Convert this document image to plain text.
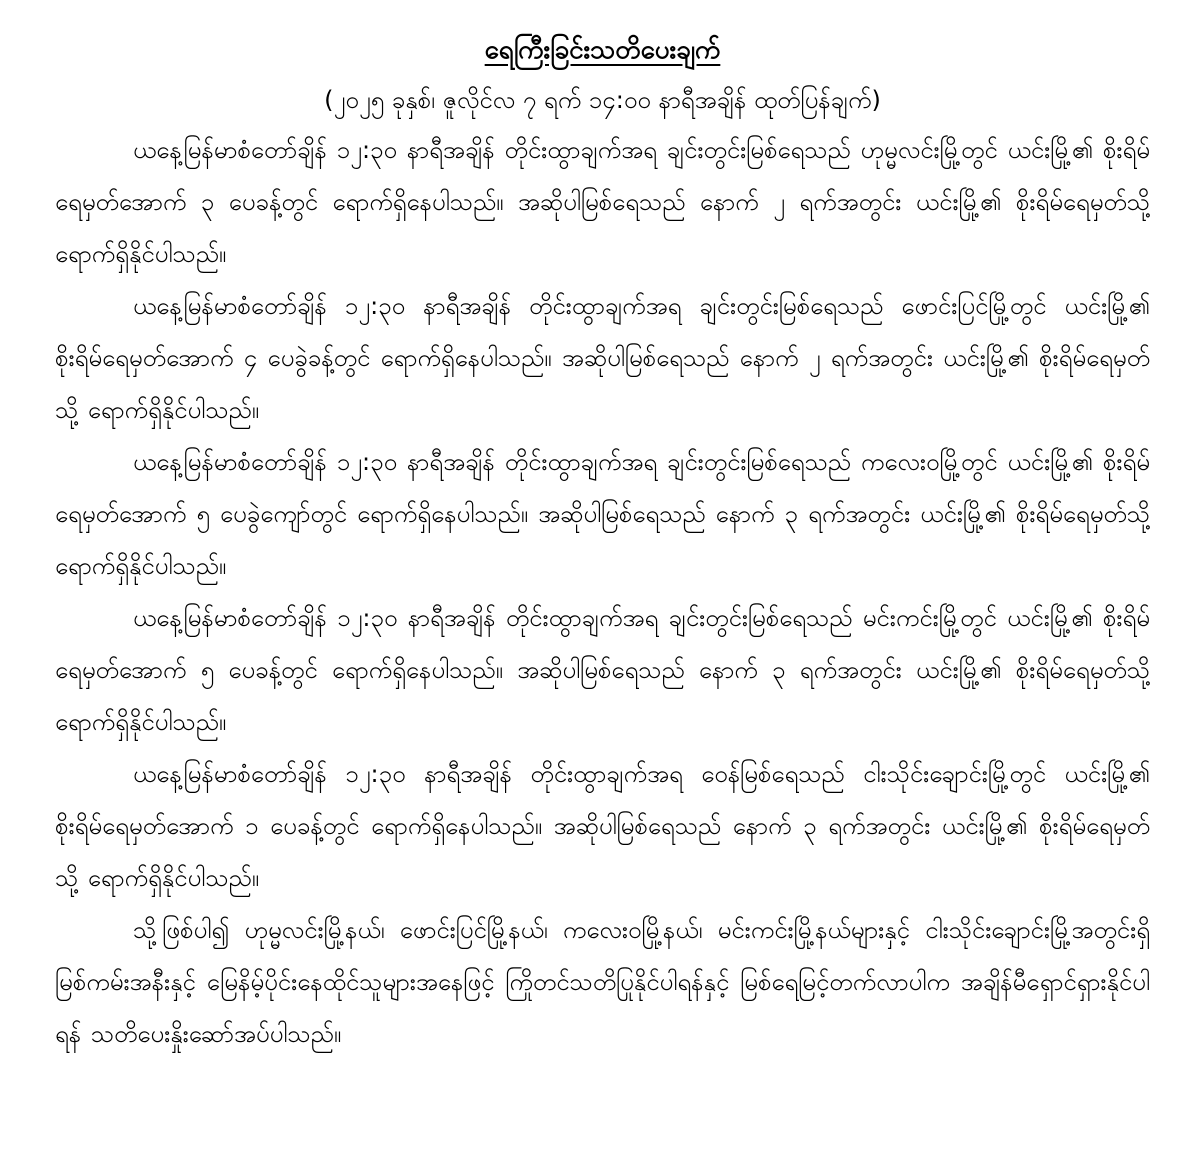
ရေကြီးခြင်းသတိပေးချက်

(၂၀၂၅ ခုနှစ်၊ ဇူလိုင်လ ၇ ရက် ၁၄:၀၀ နာရီအချိန် ထုတ်ပြန်ချက်)

ယနေ့မြန်မာစံတော်ချိန် ၁၂:၃၀ နာရီအချိန် တိုင်းထွာချက်အရ ချင်းတွင်းမြစ်ရေသည် ဟုမ္မလင်းမြို့တွင် ယင်းမြို့၏ စိုးရိမ်ရေမှတ်အောက် ၃ ပေခန့်တွင် ရောက်ရှိနေပါသည်။ အဆိုပါမြစ်ရေသည် နောက် ၂ ရက်အတွင်း ယင်းမြို့၏ စိုးရိမ်ရေမှတ်သို့ ရောက်ရှိနိုင်ပါသည်။

ယနေ့မြန်မာစံတော်ချိန် ၁၂:၃၀ နာရီအချိန် တိုင်းထွာချက်အရ ချင်းတွင်းမြစ်ရေသည် ဖောင်းပြင်မြို့တွင် ယင်းမြို့၏ စိုးရိမ်ရေမှတ်အောက် ၄ ပေခွဲခန့်တွင် ရောက်ရှိနေပါသည်။ အဆိုပါမြစ်ရေသည် နောက် ၂ ရက်အတွင်း ယင်းမြို့၏ စိုးရိမ်ရေမှတ်သို့ ရောက်ရှိနိုင်ပါသည်။

ယနေ့မြန်မာစံတော်ချိန် ၁၂:၃၀ နာရီအချိန် တိုင်းထွာချက်အရ ချင်းတွင်းမြစ်ရေသည် ကလေးဝမြို့တွင် ယင်းမြို့၏ စိုးရိမ်ရေမှတ်အောက် ၅ ပေခွဲကျော်တွင် ရောက်ရှိနေပါသည်။ အဆိုပါမြစ်ရေသည် နောက် ၃ ရက်အတွင်း ယင်းမြို့၏ စိုးရိမ်ရေမှတ်သို့ ရောက်ရှိနိုင်ပါသည်။

ယနေ့မြန်မာစံတော်ချိန် ၁၂:၃၀ နာရီအချိန် တိုင်းထွာချက်အရ ချင်းတွင်းမြစ်ရေသည် မင်းကင်းမြို့တွင် ယင်းမြို့၏ စိုးရိမ်ရေမှတ်အောက် ၅ ပေခန့်တွင် ရောက်ရှိနေပါသည်။ အဆိုပါမြစ်ရေသည် နောက် ၃ ရက်အတွင်း ယင်းမြို့၏ စိုးရိမ်ရေမှတ်သို့ ရောက်ရှိနိုင်ပါသည်။

ယနေ့မြန်မာစံတော်ချိန် ၁၂:၃၀ နာရီအချိန် တိုင်းထွာချက်အရ ဝေန်မြစ်ရေသည် ငါးသိုင်းချောင်းမြို့တွင် ယင်းမြို့၏ စိုးရိမ်ရေမှတ်အောက် ၁ ပေခန့်တွင် ရောက်ရှိနေပါသည်။ အဆိုပါမြစ်ရေသည် နောက် ၃ ရက်အတွင်း ယင်းမြို့၏ စိုးရိမ်ရေမှတ်သို့ ရောက်ရှိနိုင်ပါသည်။

သို့ဖြစ်ပါ၍ ဟုမ္မလင်းမြို့နယ်၊ ဖောင်းပြင်မြို့နယ်၊ ကလေးဝမြို့နယ်၊ မင်းကင်းမြို့နယ်များနှင့် ငါးသိုင်းချောင်းမြို့အတွင်းရှိ မြစ်ကမ်းအနီးနှင့် မြေနိမ့်ပိုင်းနေထိုင်သူများအနေဖြင့် ကြိုတင်သတိပြုနိုင်ပါရန်နှင့် မြစ်ရေမြင့်တက်လာပါက အချိန်မီရှောင်ရှားနိုင်ပါရန် သတိပေးနှိုးဆော်အပ်ပါသည်။
